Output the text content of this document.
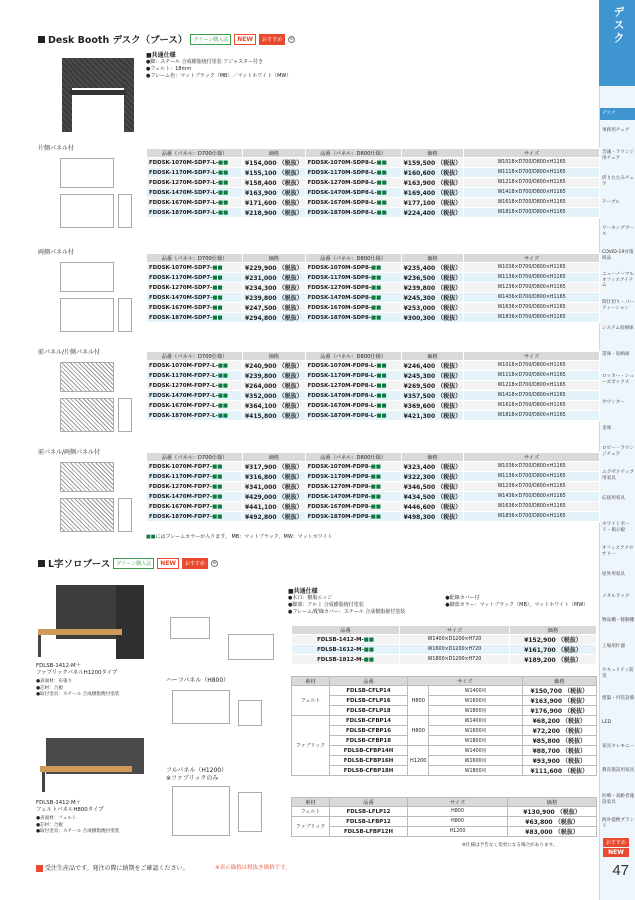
デスク
デスク
事務用チェア
会議・ラウンジ用チェア
折りたたみチェア
テーブル
ワーキングブース
COVID-19対策商品
ニューノーマルオフィスアイテム
間仕切り・パーティーション
システム収納庫
書庫・収納庫
ロッカー・シューズボックス
カウンター
金庫
ロビー・ラウンジチェア
エグゼクティブ用家具
応接用家具
ホワイトボード・掲示板
オフィスアクセサリー
屋外用家具
メタルラック
物品棚・移動棚
工場用什器
セキュリティ防災
建築・内装設備
LED
家具セレモニー
教育施設用家具
医療・高齢者施設家具
海外提携ブランド
おすすめ
NEW
47
Desk Booth デスク（ブース）	グリーン購入法	NEW	おすすめ	⊕
■共通仕様
●脚：スチール 合成樹脂焼付塗装 アジャスター付き
●フェルト：18mm
●フレーム色：マットブラック（MB）／マットホワイト（MW）
片側パネル付
品番（パネル：D700仕様）	価格	品番（パネル：D800仕様）	価格	サイズ
FDDSK-1070M-SDP7-L-■■	¥154,000 （税抜）	FDDSK-1070M-SDP8-L-■■	¥159,500 （税抜）	W1018×D700/D800×H1165
FDDSK-1170M-SDP7-L-■■	¥155,100 （税抜）	FDDSK-1170M-SDP8-L-■■	¥160,600 （税抜）	W1118×D700/D800×H1165
FDDSK-1270M-SDP7-L-■■	¥158,400 （税抜）	FDDSK-1270M-SDP8-L-■■	¥163,900 （税抜）	W1218×D700/D800×H1165
FDDSK-1470M-SDP7-L-■■	¥163,900 （税抜）	FDDSK-1470M-SDP8-L-■■	¥169,400 （税抜）	W1418×D700/D800×H1165
FDDSK-1670M-SDP7-L-■■	¥171,600 （税抜）	FDDSK-1670M-SDP8-L-■■	¥177,100 （税抜）	W1618×D700/D800×H1165
FDDSK-1870M-SDP7-L-■■	¥218,900 （税抜）	FDDSK-1870M-SDP8-L-■■	¥224,400 （税抜）	W1818×D700/D800×H1165
両側パネル付
品番（パネル：D700仕様）	価格	品番（パネル：D800仕様）	価格	サイズ
FDDSK-1070M-SDP7-■■	¥229,900 （税抜）	FDDSK-1070M-SDP8-■■	¥235,400 （税抜）	W1036×D700/D800×H1165
FDDSK-1170M-SDP7-■■	¥231,000 （税抜）	FDDSK-1170M-SDP8-■■	¥236,500 （税抜）	W1136×D700/D800×H1165
FDDSK-1270M-SDP7-■■	¥234,300 （税抜）	FDDSK-1270M-SDP8-■■	¥239,800 （税抜）	W1236×D700/D800×H1165
FDDSK-1470M-SDP7-■■	¥239,800 （税抜）	FDDSK-1470M-SDP8-■■	¥245,300 （税抜）	W1436×D700/D800×H1165
FDDSK-1670M-SDP7-■■	¥247,500 （税抜）	FDDSK-1670M-SDP8-■■	¥253,000 （税抜）	W1636×D700/D800×H1165
FDDSK-1870M-SDP7-■■	¥294,800 （税抜）	FDDSK-1870M-SDP8-■■	¥300,300 （税抜）	W1836×D700/D800×H1165
前パネル/片側パネル付
品番（パネル：D700仕様）	価格	品番（パネル：D800仕様）	価格	サイズ
FDDSK-1070M-FDP7-L-■■	¥240,900 （税抜）	FDDSK-1070M-FDP8-L-■■	¥246,400 （税抜）	W1018×D700/D800×H1165
FDDSK-1170M-FDP7-L-■■	¥239,800 （税抜）	FDDSK-1170M-FDP8-L-■■	¥245,300 （税抜）	W1118×D700/D800×H1165
FDDSK-1270M-FDP7-L-■■	¥264,000 （税抜）	FDDSK-1270M-FDP8-L-■■	¥269,500 （税抜）	W1218×D700/D800×H1165
FDDSK-1470M-FDP7-L-■■	¥352,000 （税抜）	FDDSK-1470M-FDP8-L-■■	¥357,500 （税抜）	W1418×D700/D800×H1165
FDDSK-1670M-FDP7-L-■■	¥364,100 （税抜）	FDDSK-1670M-FDP8-L-■■	¥369,600 （税抜）	W1618×D700/D800×H1165
FDDSK-1870M-FDP7-L-■■	¥415,800 （税抜）	FDDSK-1870M-FDP8-L-■■	¥421,300 （税抜）	W1818×D700/D800×H1165
前パネル/両側パネル付
品番（パネル：D700仕様）	価格	品番（パネル：D800仕様）	価格	サイズ
FDDSK-1070M-FDP7-■■	¥317,900 （税抜）	FDDSK-1070M-FDP8-■■	¥323,400 （税抜）	W1036×D700/D800×H1165
FDDSK-1170M-FDP7-■■	¥316,800 （税抜）	FDDSK-1170M-FDP8-■■	¥322,300 （税抜）	W1136×D700/D800×H1165
FDDSK-1270M-FDP7-■■	¥341,000 （税抜）	FDDSK-1270M-FDP8-■■	¥346,500 （税抜）	W1236×D700/D800×H1165
FDDSK-1470M-FDP7-■■	¥429,000 （税抜）	FDDSK-1470M-FDP8-■■	¥434,500 （税抜）	W1436×D700/D800×H1165
FDDSK-1670M-FDP7-■■	¥441,100 （税抜）	FDDSK-1670M-FDP8-■■	¥446,600 （税抜）	W1636×D700/D800×H1165
FDDSK-1870M-FDP7-■■	¥492,800 （税抜）	FDDSK-1870M-FDP8-■■	¥498,300 （税抜）	W1836×D700/D800×H1165
■■にはフレームカラーが入ります。 MB：マットブラック、MW：マットホワイト
L字ソロブース	グリーン購入法	NEW	おすすめ	⊕
FDLSB-1412-M＋
ファブリックパネルH1200タイプ
●表面材：布張り
●芯材：合板
●取付金具：スチール 合成樹脂焼付塗装
FDLSB-1412-M＋
フェルトパネルH800タイプ
●表面材：フェルト
●芯材：合板
●取付金具：スチール 合成樹脂焼付塗装
ハーフパネル（H800）
フルパネル（H1200）
※ファブリックのみ
■共通仕様
●木口：樹脂エッジ
●脚部：アルミ 合成樹脂焼付塗装
●フレーム/配線カバー：スチール 合成樹脂焼付塗装
●配線カバー付
●脚部カラー：マットブラック（MB）、マットホワイト（MW）
品番	サイズ	価格
FDLSB-1412-M-■■	W1400×D1200×H720	¥152,900 （税抜）
FDLSB-1612-M-■■	W1600×D1200×H720	¥161,700 （税抜）
FDLSB-1812-M-■■	W1800×D1200×H720	¥189,200 （税抜）
素材	品番	サイズ		価格
フェルト	FDLSB-CFLP14	H800	W1400用	¥150,700 （税抜）
	FDLSB-CFLP16		W1600用	¥163,900 （税抜）
	FDLSB-CFLP18		W1800用	¥176,900 （税抜）
ファブリック	FDLSB-CFBP14	H800	W1400用	¥68,200 （税抜）
	FDLSB-CFBP16		W1600用	¥72,200 （税抜）
	FDLSB-CFBP18		W1800用	¥85,800 （税抜）
	FDLSB-CFBP14H	H1200	W1400用	¥88,700 （税抜）
	FDLSB-CFBP16H		W1600用	¥93,900 （税抜）
	FDLSB-CFBP18H		W1800用	¥111,600 （税抜）
素材	品番	サイズ	価格
フェルト	FDLSB-LFLP12	H800	¥130,900 （税抜）
ファブリック	FDLSB-LFBP12	H800	¥63,800 （税抜）
	FDLSB-LFBP12H	H1200	¥83,000 （税抜）
※仕様は予告なく変更になる場合があります。
受注生産品です。発注の際に納期をご確認ください。	※表示価格は税抜き価格です。
